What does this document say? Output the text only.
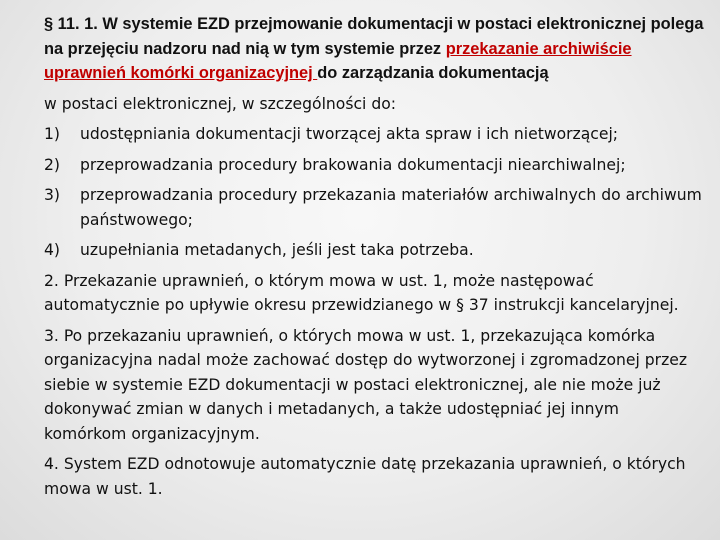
§ 11. 1. W systemie EZD przejmowanie dokumentacji w postaci elektronicznej polega na przejęciu nadzoru nad nią w tym systemie przez przekazanie archiwiście uprawnień komórki organizacyjnej do zarządzania dokumentacją

w postaci elektronicznej, w szczególności do:

1) udostępniania dokumentacji tworzącej akta spraw i ich nietworzącej;
2) przeprowadzania procedury brakowania dokumentacji niearchiwalnej;
3) przeprowadzania procedury przekazania materiałów archiwalnych do archiwum państwowego;
4) uzupełniania metadanych, jeśli jest taka potrzeba.

2. Przekazanie uprawnień, o którym mowa w ust. 1, może następować automatycznie po upływie okresu przewidzianego w § 37 instrukcji kancelaryjnej.

3. Po przekazaniu uprawnień, o których mowa w ust. 1, przekazująca komórka organizacyjna nadal może zachować dostęp do wytworzonej i zgromadzonej przez siebie w systemie EZD dokumentacji w postaci elektronicznej, ale nie może już dokonywać zmian w danych i metadanych, a także udostępniać jej innym komórkom organizacyjnym.

4. System EZD odnotowuje automatycznie datę przekazania uprawnień, o których mowa w ust. 1.
